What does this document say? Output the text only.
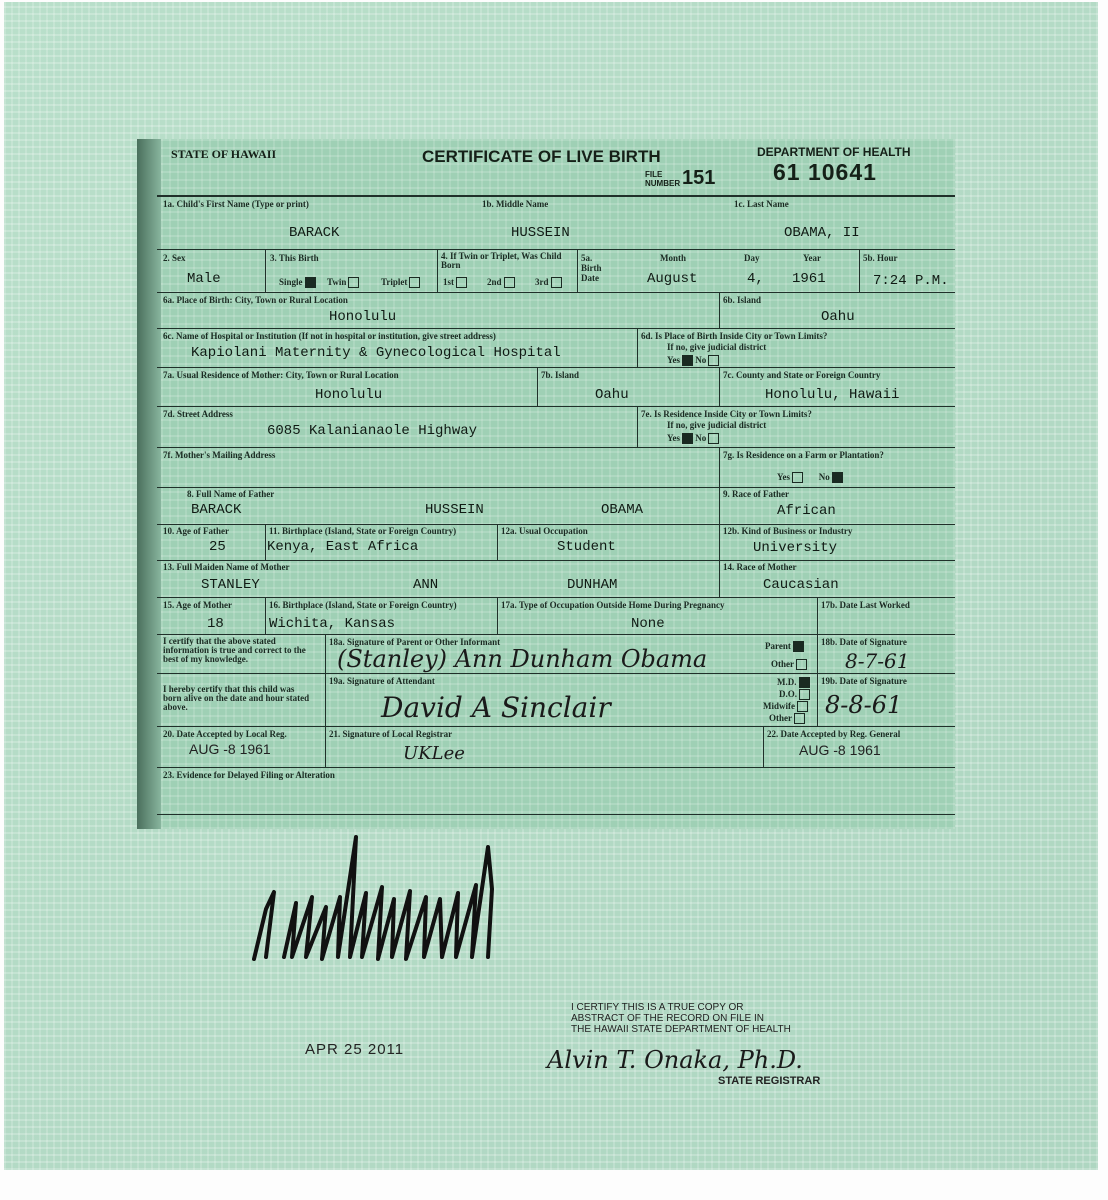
STATE OF HAWAII	CERTIFICATE OF LIVE BIRTH
FILE NUMBER 151
DEPARTMENT OF HEALTH
61 10641
1a. Child's First Name (Type or print)	1b. Middle Name	1c. Last Name
BARACK	HUSSEIN	OBAMA, II
2. Sex
Male
3. This Birth
Single	Twin	Triplet
4. If Twin or Triplet, Was Child Born
1st	2nd	3rd
5a. Birth Date
Month	Day	Year
August	4, 1961
5b. Hour
7:24 P.M.
6a. Place of Birth: City, Town or Rural Location
Honolulu
6b. Island
Oahu
6c. Name of Hospital or Institution (If not in hospital or institution, give street address)
Kapiolani Maternity & Gynecological Hospital
6d. Is Place of Birth Inside City or Town Limits?
If no, give judicial district
Yes No
7a. Usual Residence of Mother: City, Town or Rural Location
Honolulu
7b. Island
Oahu
7c. County and State or Foreign Country
Honolulu, Hawaii
7d. Street Address
6085 Kalanianaole Highway
7e. Is Residence Inside City or Town Limits?
If no, give judicial district
Yes No
7f. Mother's Mailing Address	7g. Is Residence on a Farm or Plantation?
Yes	No
8. Full Name of Father
BARACK	HUSSEIN	OBAMA
9. Race of Father
African
10. Age of Father
25
11. Birthplace (Island, State or Foreign Country)
Kenya, East Africa
12a. Usual Occupation
Student
12b. Kind of Business or Industry
University
13. Full Maiden Name of Mother
STANLEY	ANN	DUNHAM
14. Race of Mother
Caucasian
15. Age of Mother
18
16. Birthplace (Island, State or Foreign Country)
Wichita, Kansas
17a. Type of Occupation Outside Home During Pregnancy
None
17b. Date Last Worked
I certify that the above stated information is true and correct to the best of my knowledge.
18a. Signature of Parent or Other Informant
(Stanley) Ann Dunham Obama	Parent
Other
18b. Date of Signature
8-7-61
I hereby certify that this child was born alive on the date and hour stated above.
19a. Signature of Attendant
David A Sinclair
M.D.
D.O.
Midwife
Other
19b. Date of Signature
8-8-61
20. Date Accepted by Local Reg.
AUG -8 1961
21. Signature of Local Registrar
UKLee
22. Date Accepted by Reg. General
AUG -8 1961
23. Evidence for Delayed Filing or Alteration
APR 25 2011
I CERTIFY THIS IS A TRUE COPY OR
ABSTRACT OF THE RECORD ON FILE IN
THE HAWAII STATE DEPARTMENT OF HEALTH
Alvin T. Onaka, Ph.D.
STATE REGISTRAR
